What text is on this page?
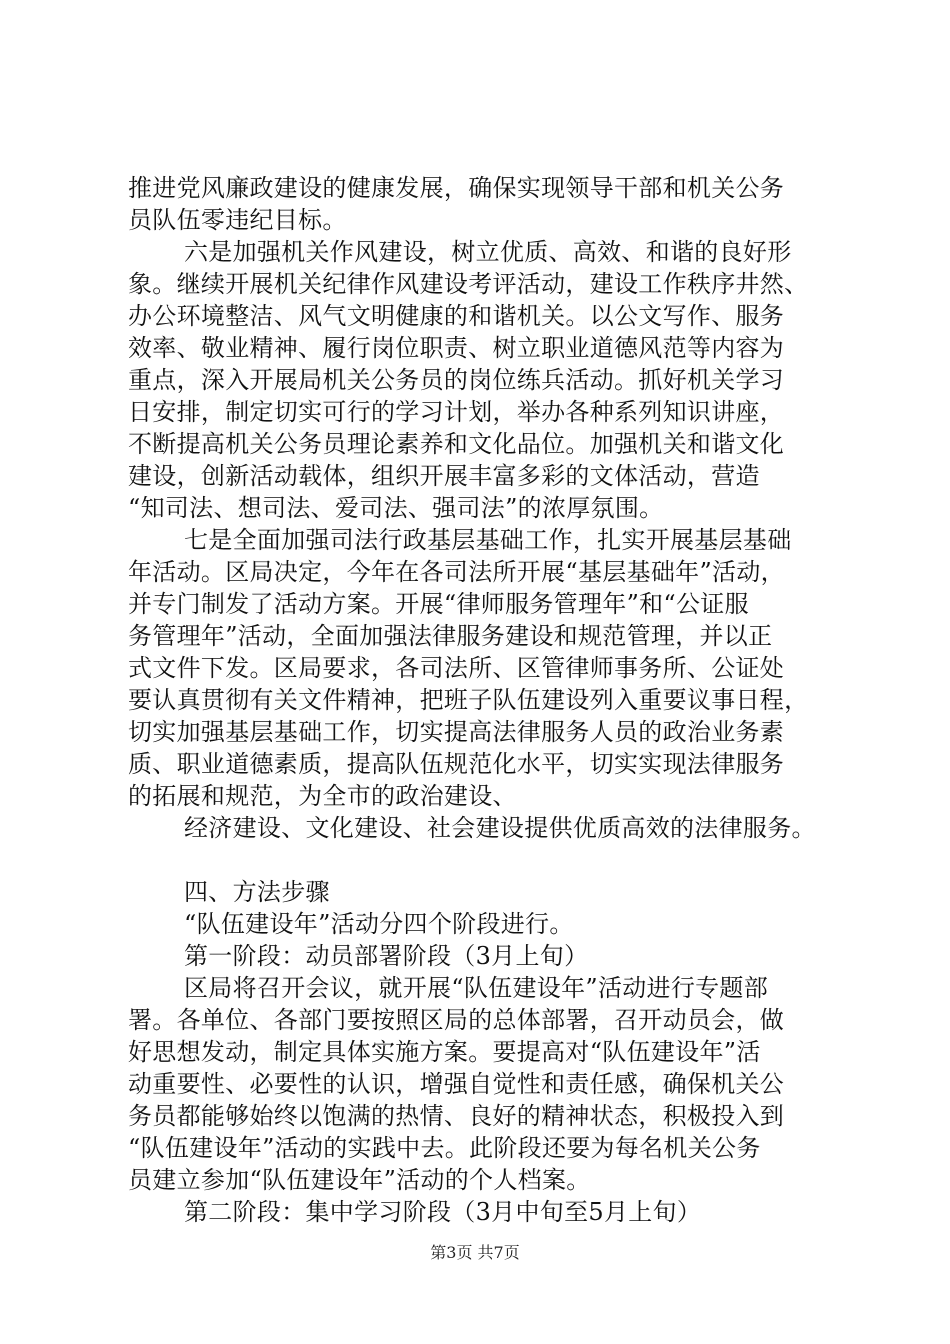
推进党风廉政建设的健康发展，确保实现领导干部和机关公务
员队伍零违纪目标。
六是加强机关作风建设，树立优质、高效、和谐的良好形
象。继续开展机关纪律作风建设考评活动，建设工作秩序井然、
办公环境整洁、风气文明健康的和谐机关。以公文写作、服务
效率、敬业精神、履行岗位职责、树立职业道德风范等内容为
重点，深入开展局机关公务员的岗位练兵活动。抓好机关学习
日安排，制定切实可行的学习计划，举办各种系列知识讲座，
不断提高机关公务员理论素养和文化品位。加强机关和谐文化
建设，创新活动载体，组织开展丰富多彩的文体活动，营造
“知司法、想司法、爱司法、强司法”的浓厚氛围。
七是全面加强司法行政基层基础工作，扎实开展基层基础
年活动。区局决定，今年在各司法所开展“基层基础年”活动，
并专门制发了活动方案。开展“律师服务管理年”和“公证服
务管理年”活动，全面加强法律服务建设和规范管理，并以正
式文件下发。区局要求，各司法所、区管律师事务所、公证处
要认真贯彻有关文件精神，把班子队伍建设列入重要议事日程，
切实加强基层基础工作，切实提高法律服务人员的政治业务素
质、职业道德素质，提高队伍规范化水平，切实实现法律服务
的拓展和规范，为全市的政治建设、
经济建设、文化建设、社会建设提供优质高效的法律服务。
四、方法步骤
“队伍建设年”活动分四个阶段进行。
第一阶段：动员部署阶段（3月上旬）
区局将召开会议，就开展“队伍建设年”活动进行专题部
署。各单位、各部门要按照区局的总体部署，召开动员会，做
好思想发动，制定具体实施方案。要提高对“队伍建设年”活
动重要性、必要性的认识，增强自觉性和责任感，确保机关公
务员都能够始终以饱满的热情、良好的精神状态，积极投入到
“队伍建设年”活动的实践中去。此阶段还要为每名机关公务
员建立参加“队伍建设年”活动的个人档案。
第二阶段：集中学习阶段（3月中旬至5月上旬）
第3页 共7页
